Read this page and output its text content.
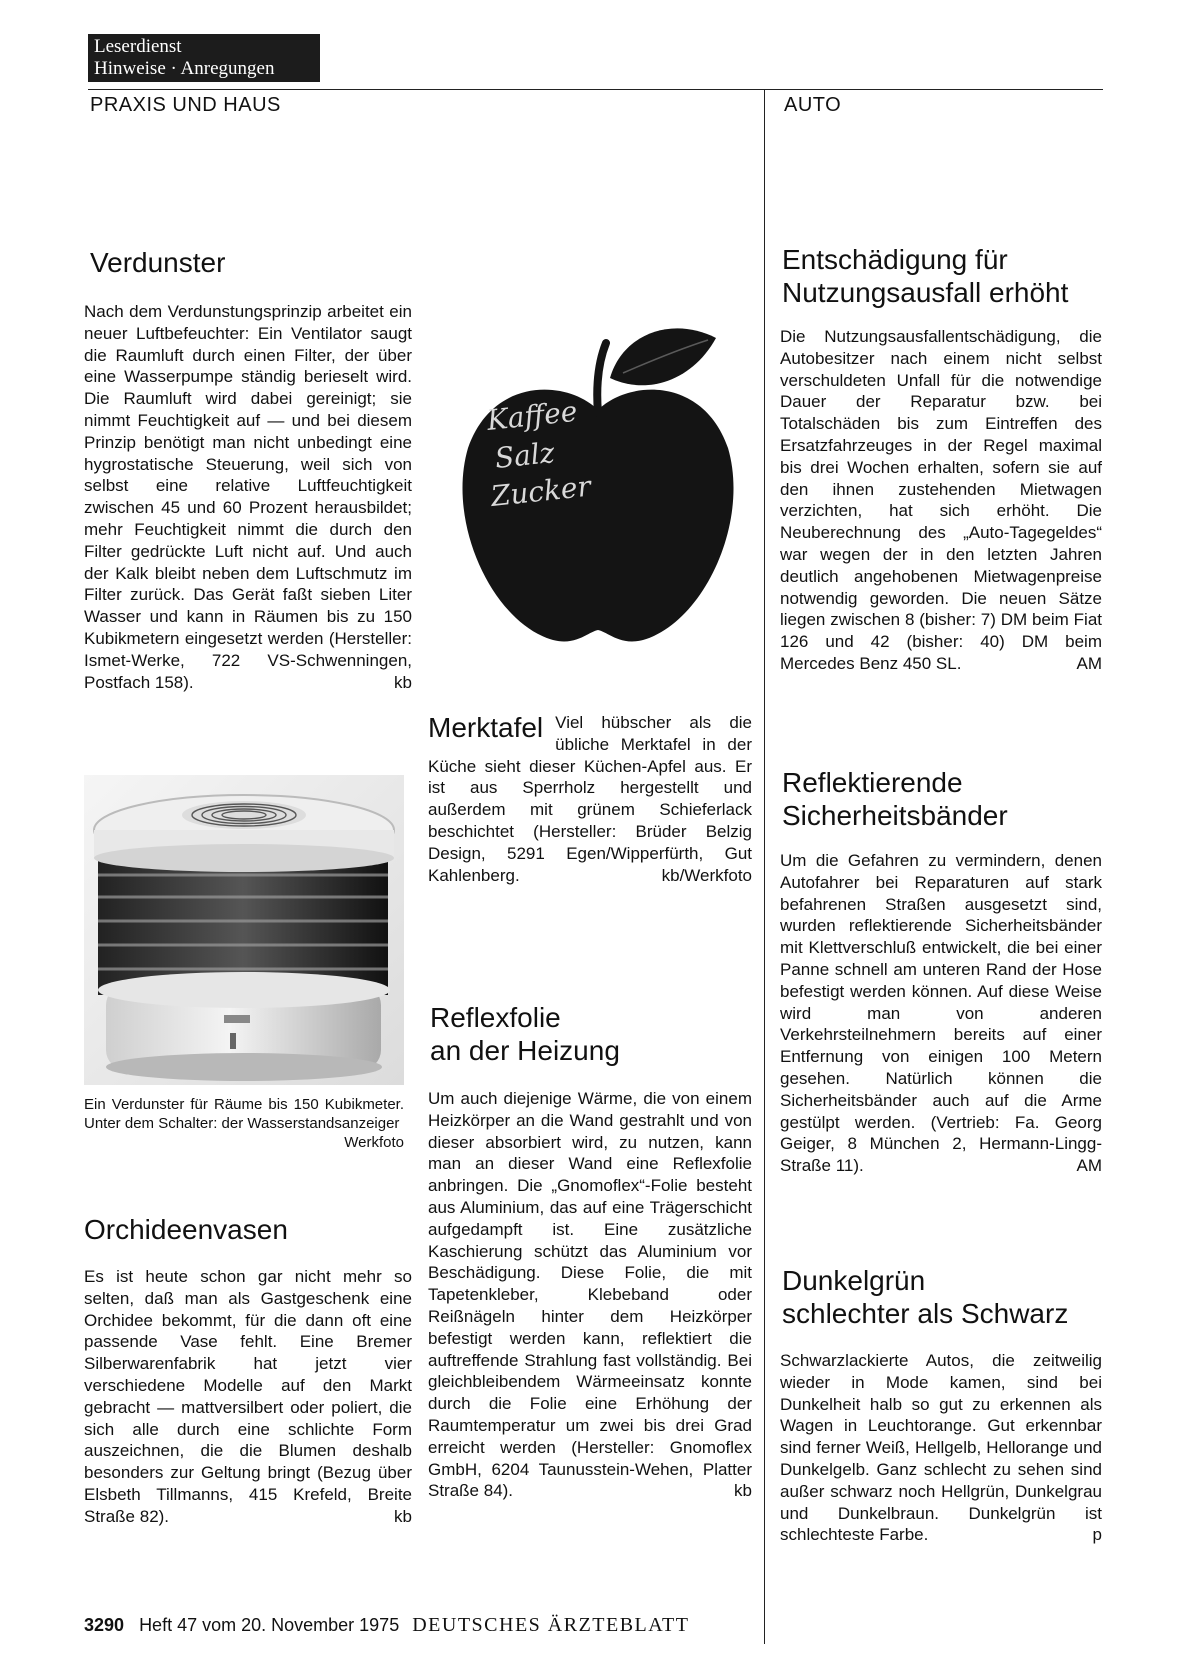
Leserdienst
Hinweise · Anregungen
PRAXIS UND HAUS	AUTO
Verdunster

Nach dem Verdunstungsprinzip arbeitet ein neuer Luftbefeuchter: Ein Ventilator saugt die Raumluft durch einen Filter, der über eine Wasserpumpe ständig berieselt wird. Die Raumluft wird dabei gereinigt; sie nimmt Feuchtigkeit auf — und bei diesem Prinzip benötigt man nicht unbedingt eine hygrostatische Steuerung, weil sich von selbst eine relative Luftfeuchtigkeit zwischen 45 und 60 Prozent herausbildet; mehr Feuchtigkeit nimmt die durch den Filter gedrückte Luft nicht auf. Und auch der Kalk bleibt neben dem Luftschmutz im Filter zurück. Das Gerät faßt sieben Liter Wasser und kann in Räumen bis zu 150 Kubikmetern eingesetzt werden (Hersteller: Ismet-Werke, 722 VS-Schwenningen, Postfach 158).	kb

Ein Verdunster für Räume bis 150 Kubikmeter. Unter dem Schalter: der Wasserstandsanzeiger
Werkfoto

Orchideenvasen

Es ist heute schon gar nicht mehr so selten, daß man als Gastgeschenk eine Orchidee bekommt, für die dann oft eine passende Vase fehlt. Eine Bremer Silberwarenfabrik hat jetzt vier verschiedene Modelle auf den Markt gebracht — mattversilbert oder poliert, die sich alle durch eine schlichte Form auszeichnen, die die Blumen deshalb besonders zur Geltung bringt (Bezug über Elsbeth Tillmanns, 415 Krefeld, Breite Straße 82).	kb

Kaffee
Salz
Zucker
Merktafel Viel hübscher als die übliche Merktafel in der Küche sieht dieser Küchen-Apfel aus. Er ist aus Sperrholz hergestellt und außerdem mit grünem Schieferlack beschichtet (Hersteller: Brüder Belzig Design, 5291 Egen/Wipperfürth, Gut Kahlenberg.	kb/Werkfoto
Reflexfolie
an der Heizung

Um auch diejenige Wärme, die von einem Heizkörper an die Wand gestrahlt und von dieser absorbiert wird, zu nutzen, kann man an dieser Wand eine Reflexfolie anbringen. Die „Gnomoflex“-Folie besteht aus Aluminium, das auf eine Trägerschicht aufgedampft ist. Eine zusätzliche Kaschierung schützt das Aluminium vor Beschädigung. Diese Folie, die mit Tapetenkleber, Klebeband oder Reißnägeln hinter dem Heizkörper befestigt werden kann, reflektiert die auftreffende Strahlung fast vollständig. Bei gleichbleibendem Wärmeeinsatz konnte durch die Folie eine Erhöhung der Raumtemperatur um zwei bis drei Grad erreicht werden (Hersteller: Gnomoflex GmbH, 6204 Taunusstein-Wehen, Platter Straße 84).	kb

Entschädigung für
Nutzungsausfall erhöht

Die Nutzungsausfallentschädigung, die Autobesitzer nach einem nicht selbst verschuldeten Unfall für die notwendige Dauer der Reparatur bzw. bei Totalschäden bis zum Eintreffen des Ersatzfahrzeuges in der Regel maximal bis drei Wochen erhalten, sofern sie auf den ihnen zustehenden Mietwagen verzichten, hat sich erhöht. Die Neuberechnung des „Auto-Tagegeldes“ war wegen der in den letzten Jahren deutlich angehobenen Mietwagenpreise notwendig geworden. Die neuen Sätze liegen zwischen 8 (bisher: 7) DM beim Fiat 126 und 42 (bisher: 40) DM beim Mercedes Benz 450 SL.	AM

Reflektierende
Sicherheitsbänder

Um die Gefahren zu vermindern, denen Autofahrer bei Reparaturen auf stark befahrenen Straßen ausgesetzt sind, wurden reflektierende Sicherheitsbänder mit Klettverschluß entwickelt, die bei einer Panne schnell am unteren Rand der Hose befestigt werden können. Auf diese Weise wird man von anderen Verkehrsteilnehmern bereits auf einer Entfernung von einigen 100 Metern gesehen. Natürlich können die Sicherheitsbänder auch auf die Arme gestülpt werden. (Vertrieb: Fa. Georg Geiger, 8 München 2, Hermann-Lingg-Straße 11).	AM

Dunkelgrün
schlechter als Schwarz

Schwarzlackierte Autos, die zeitweilig wieder in Mode kamen, sind bei Dunkelheit halb so gut zu erkennen als Wagen in Leuchtorange. Gut erkennbar sind ferner Weiß, Hellgelb, Hellorange und Dunkelgelb. Ganz schlecht zu sehen sind außer schwarz noch Hellgrün, Dunkelgrau und Dunkelbraun. Dunkelgrün ist schlechteste Farbe.	p

3290 Heft 47 vom 20. November 1975 DEUTSCHES ÄRZTEBLATT
